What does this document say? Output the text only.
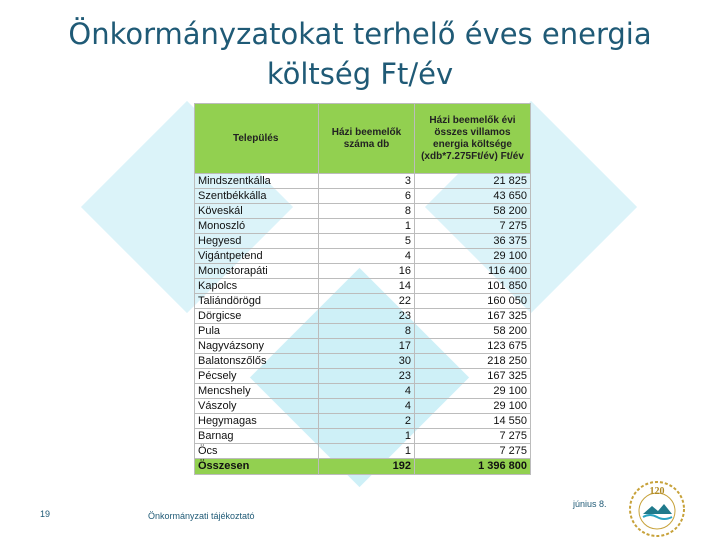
Önkormányzatokat terhelő éves energia
költség Ft/év
Település	Házi beemelők száma db	Házi beemelők évi összes villamos energia költsége (xdb*7.275Ft/év) Ft/év
Mindszentkálla	3	21 825
Szentbékkálla	6	43 650
Köveskál	8	58 200
Monoszló	1	7 275
Hegyesd	5	36 375
Vigántpetend	4	29 100
Monostorapáti	16	116 400
Kapolcs	14	101 850
Taliándörögd	22	160 050
Dörgicse	23	167 325
Pula	8	58 200
Nagyvázsony	17	123 675
Balatonszőlős	30	218 250
Pécsely	23	167 325
Mencshely	4	29 100
Vászoly	4	29 100
Hegymagas	2	14 550
Barnag	1	7 275
Öcs	1	7 275
Összesen	192	1 396 800
19	Önkormányzati tájékoztató
június 8.
120
